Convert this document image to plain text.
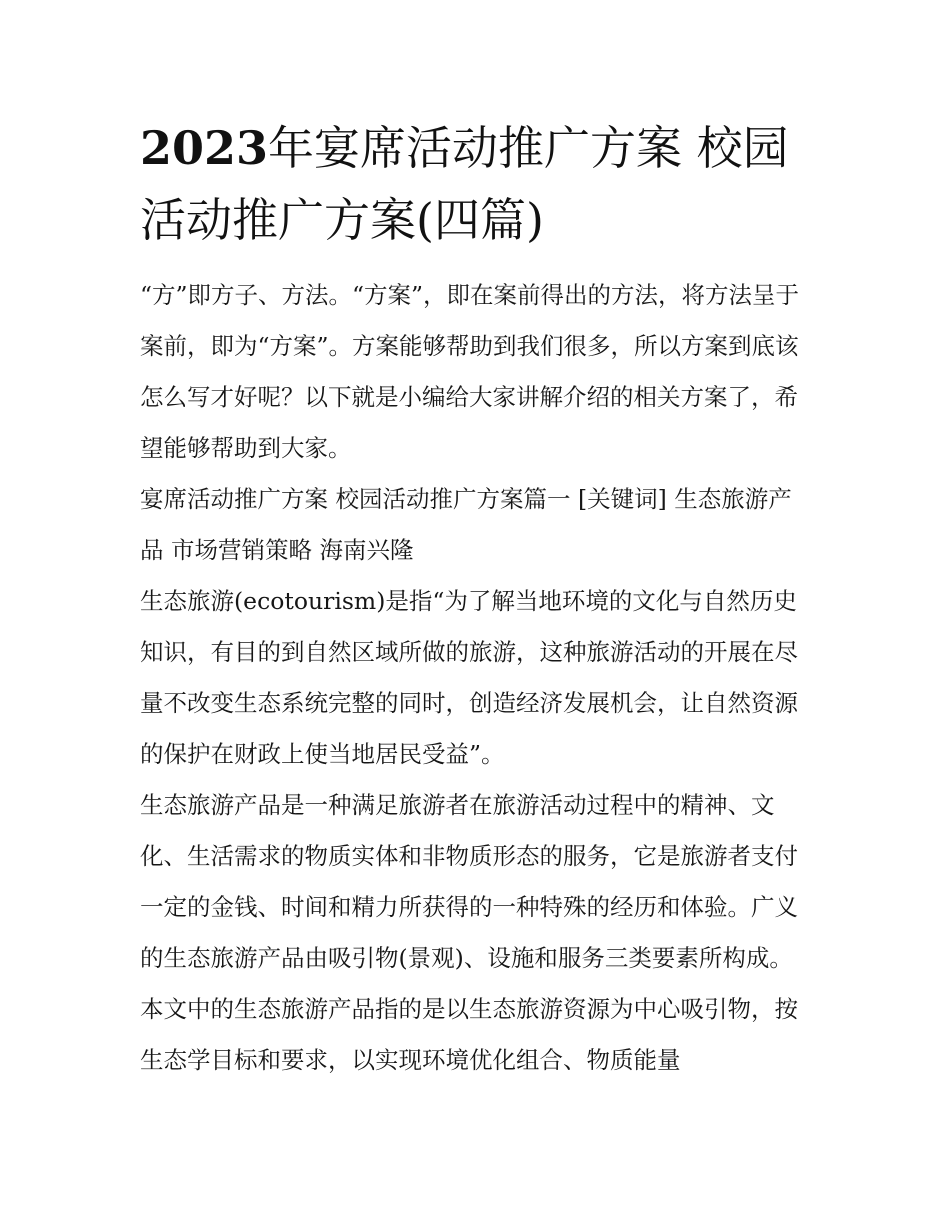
2023年宴席活动推广方案 校园活动推广方案(四篇)

“方”即方子、方法。“方案”，即在案前得出的方法，将方法呈于案前，即为“方案”。方案能够帮助到我们很多，所以方案到底该怎么写才好呢？以下就是小编给大家讲解介绍的相关方案了，希望能够帮助到大家。

宴席活动推广方案 校园活动推广方案篇一 [关键词] 生态旅游产品 市场营销策略 海南兴隆

生态旅游(ecotourism)是指“为了解当地环境的文化与自然历史知识，有目的到自然区域所做的旅游，这种旅游活动的开展在尽量不改变生态系统完整的同时，创造经济发展机会，让自然资源的保护在财政上使当地居民受益”。

生态旅游产品是一种满足旅游者在旅游活动过程中的精神、文化、生活需求的物质实体和非物质形态的服务，它是旅游者支付一定的金钱、时间和精力所获得的一种特殊的经历和体验。广义的生态旅游产品由吸引物(景观)、设施和服务三类要素所构成。本文中的生态旅游产品指的是以生态旅游资源为中心吸引物，按生态学目标和要求，以实现环境优化组合、物质能量
